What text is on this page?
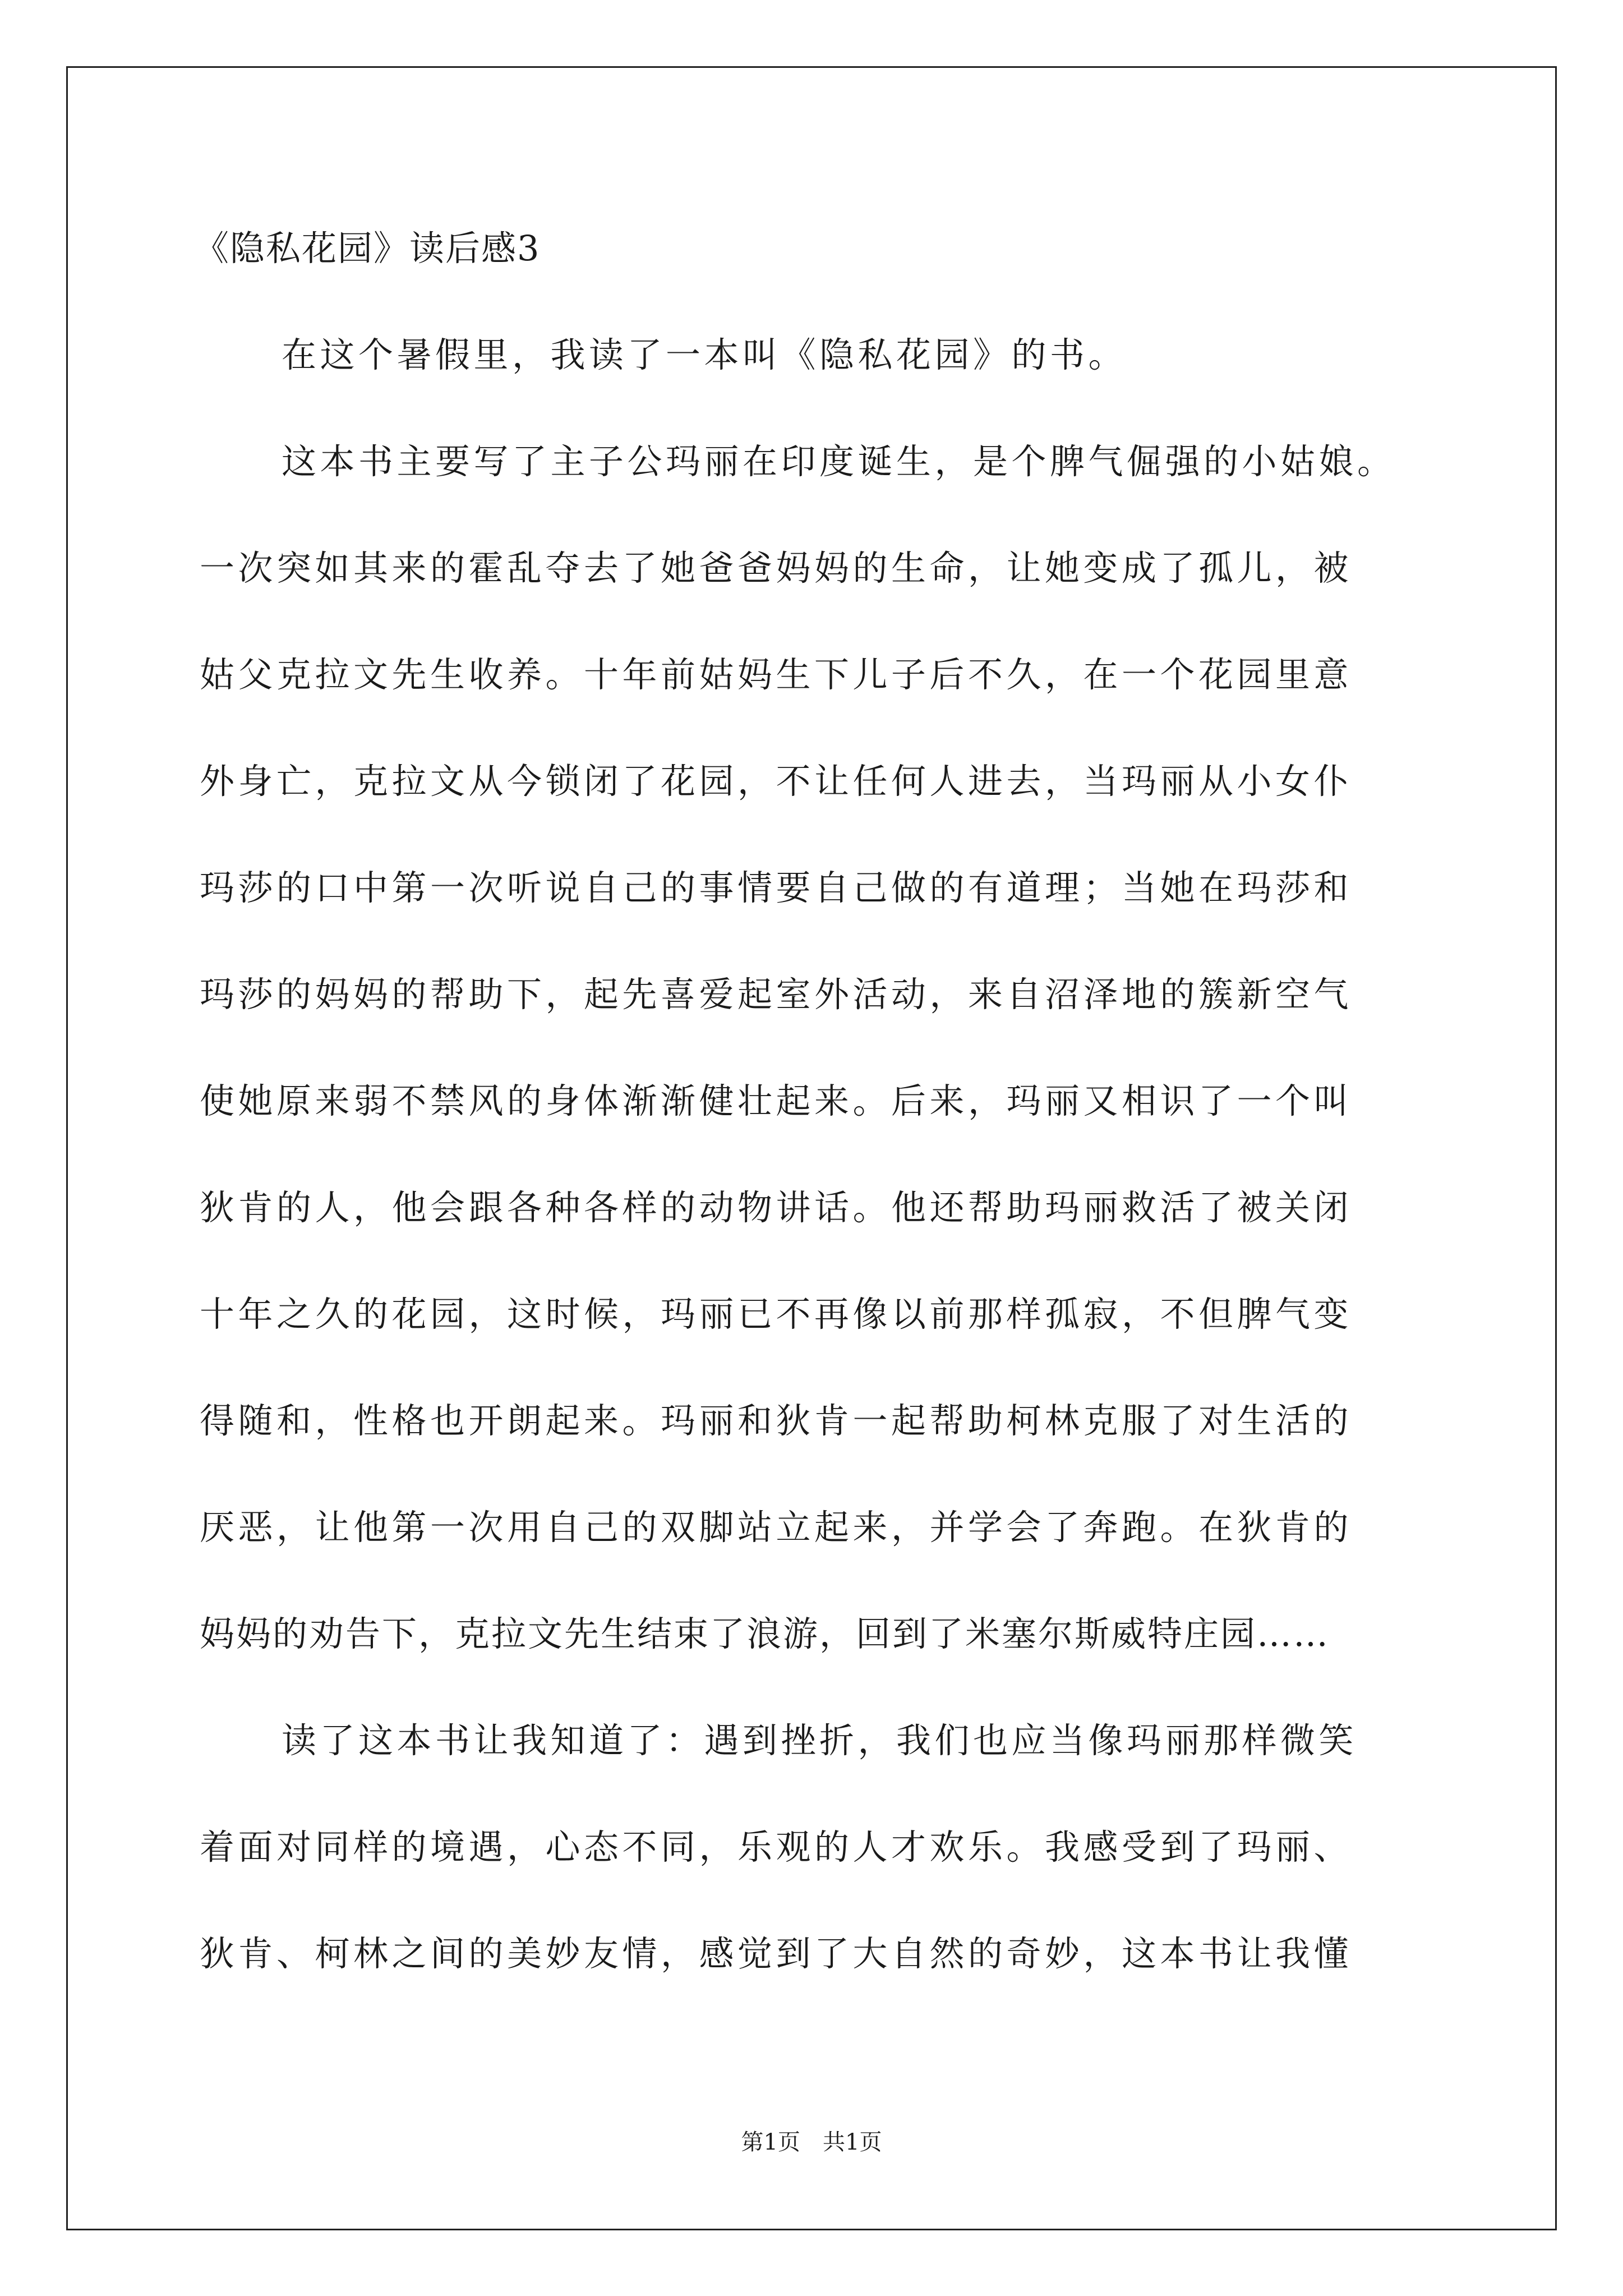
《隐私花园》读后感3
在这个暑假里，我读了一本叫《隐私花园》的书。
这本书主要写了主子公玛丽在印度诞生，是个脾气倔强的小姑娘。
一次突如其来的霍乱夺去了她爸爸妈妈的生命，让她变成了孤儿，被
姑父克拉文先生收养。十年前姑妈生下儿子后不久，在一个花园里意
外身亡，克拉文从今锁闭了花园，不让任何人进去，当玛丽从小女仆
玛莎的口中第一次听说自己的事情要自己做的有道理；当她在玛莎和
玛莎的妈妈的帮助下，起先喜爱起室外活动，来自沼泽地的簇新空气
使她原来弱不禁风的身体渐渐健壮起来。后来，玛丽又相识了一个叫
狄肯的人，他会跟各种各样的动物讲话。他还帮助玛丽救活了被关闭
十年之久的花园，这时候，玛丽已不再像以前那样孤寂，不但脾气变
得随和，性格也开朗起来。玛丽和狄肯一起帮助柯林克服了对生活的
厌恶，让他第一次用自己的双脚站立起来，并学会了奔跑。在狄肯的
妈妈的劝告下，克拉文先生结束了浪游，回到了米塞尔斯威特庄园……
读了这本书让我知道了：遇到挫折，我们也应当像玛丽那样微笑
着面对同样的境遇，心态不同，乐观的人才欢乐。我感受到了玛丽、
狄肯、柯林之间的美妙友情，感觉到了大自然的奇妙，这本书让我懂
第1页　共1页
